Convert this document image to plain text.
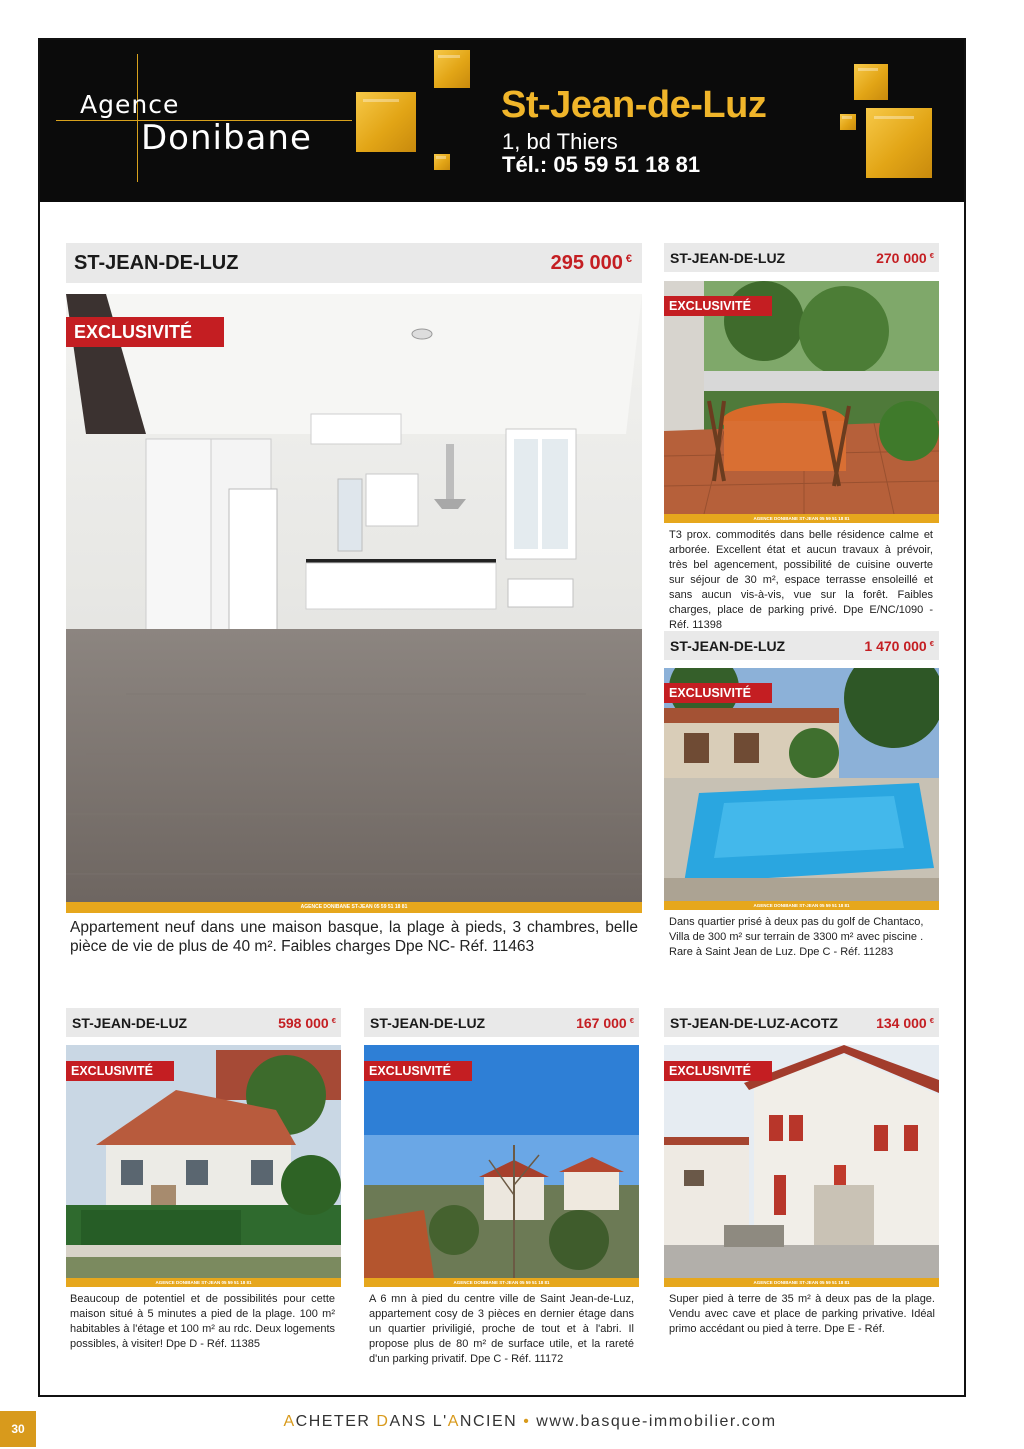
Agence
Donibane
St-Jean-de-Luz
1, bd Thiers
Tél.: 05 59 51 18 81
ST-JEAN-DE-LUZ	295 000 €
EXCLUSIVITÉ
AGENCE DONIBANE ST-JEAN 05 59 51 18 81
Appartement neuf dans une maison basque, la plage à pieds, 3 chambres, belle pièce de vie de plus de 40 m². Faibles charges Dpe NC- Réf. 11463
ST-JEAN-DE-LUZ	270 000 €
EXCLUSIVITÉ
AGENCE DONIBANE ST-JEAN 05 59 51 18 81
T3 prox. commodités dans belle résidence calme et arborée. Excellent état et aucun travaux à prévoir, très bel agencement, possibilité de cuisine ouverte sur séjour de 30 m², espace terrasse ensoleillé et sans aucun vis-à-vis, vue sur la forêt. Faibles charges, place de parking privé. Dpe E/NC/1090 - Réf. 11398
ST-JEAN-DE-LUZ	1 470 000 €
EXCLUSIVITÉ
AGENCE DONIBANE ST-JEAN 05 59 51 18 81
Dans quartier prisé à deux pas du golf de Chantaco, Villa de 300 m² sur terrain de 3300 m² avec piscine . Rare à Saint Jean de Luz. Dpe C - Réf. 11283
ST-JEAN-DE-LUZ	598 000 €
EXCLUSIVITÉ
AGENCE DONIBANE ST-JEAN 05 59 51 18 81
Beaucoup de potentiel et de possibilités pour cette maison situé à 5 minutes a pied de la plage. 100 m² habitables à l'étage et 100 m² au rdc. Deux logements possibles, à visiter! Dpe D - Réf. 11385
ST-JEAN-DE-LUZ	167 000 €
EXCLUSIVITÉ
AGENCE DONIBANE ST-JEAN 05 59 51 18 81
A 6 mn à pied du centre ville de Saint Jean-de-Luz, appartement cosy de 3 pièces en dernier étage dans un quartier priviligié, proche de tout et à l'abri. Il propose plus de 80 m² de surface utile, et la rareté d'un parking privatif. Dpe C - Réf. 11172
ST-JEAN-DE-LUZ-ACOTZ	134 000 €
EXCLUSIVITÉ
AGENCE DONIBANE ST-JEAN 05 59 51 18 81
Super pied à terre de 35 m² à deux pas de la plage. Vendu avec cave et place de parking privative. Idéal primo accédant ou pied à terre. Dpe E - Réf.
30	ACHETER DANS L'ANCIEN • www.basque-immobilier.com
